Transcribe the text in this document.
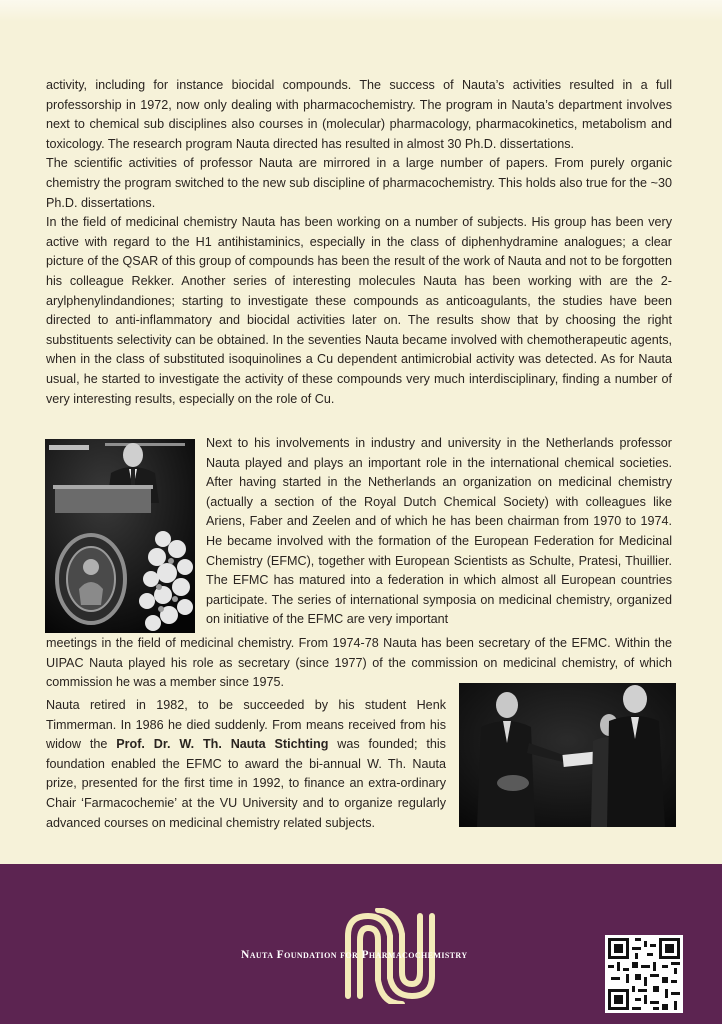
activity, including for instance biocidal compounds. The success of Nauta’s activities resulted in a full professorship in 1972, now only dealing with pharmacochemistry. The program in Nauta’s department involves next to chemical sub disciplines also courses in (molecular) pharmacology, pharmacokinetics, metabolism and toxicology. The research program Nauta directed has resulted in almost 30 Ph.D. dissertations.

The scientific activities of professor Nauta are mirrored in a large number of papers. From purely organic chemistry the program switched to the new sub discipline of pharmacochemistry. This holds also true for the ~30 Ph.D. dissertations.

In the field of medicinal chemistry Nauta has been working on a number of subjects. His group has been very active with regard to the H1 antihistaminics, especially in the class of diphenhydramine analogues; a clear picture of the QSAR of this group of compounds has been the result of the work of Nauta and not to be forgotten his colleague Rekker. Another series of interesting molecules Nauta has been working with are the 2-arylphenylindandiones; starting to investigate these compounds as anticoagulants, the studies have been directed to anti-inflammatory and biocidal activities later on. The results show that by choosing the right substituents selectivity can be obtained. In the seventies Nauta became involved with chemotherapeutic agents, when in the class of substituted isoquinolines a Cu dependent antimicrobial activity was detected. As for Nauta usual, he started to investigate the activity of these compounds very much interdisciplinary, finding a number of very interesting results, especially on the role of Cu.

Next to his involvements in industry and university in the Netherlands professor Nauta played and plays an important role in the international chemical societies. After having started in the Netherlands an organization on medicinal chemistry (actually a section of the Royal Dutch Chemical Society) with colleagues like Ariens, Faber and Zeelen and of which he has been chairman from 1970 to 1974. He became involved with the formation of the European Federation for Medicinal Chemistry (EFMC), together with European Scientists as Schulte, Pratesi, Thuillier. The EFMC has matured into a federation in which almost all European countries participate. The series of international symposia on medicinal chemistry, organized on initiative of the EFMC are very important

meetings in the field of medicinal chemistry. From 1974-78 Nauta has been secretary of the EFMC. Within the UIPAC Nauta played his role as secretary (since 1977) of the commission on medicinal chemistry, of which commission he was a member since 1975.

Nauta retired in 1982, to be succeeded by his student Henk Timmerman. In 1986 he died suddenly. From means received from his widow the Prof. Dr. W. Th. Nauta Stichting was founded; this foundation enabled the EFMC to award the bi-annual W. Th. Nauta prize, presented for the first time in 1992, to finance an extra-ordinary Chair ‘Farmacochemie’ at the VU University and to organize regularly advanced courses on medicinal chemistry related subjects.

Nauta Foundation for Pharmacochemistry
